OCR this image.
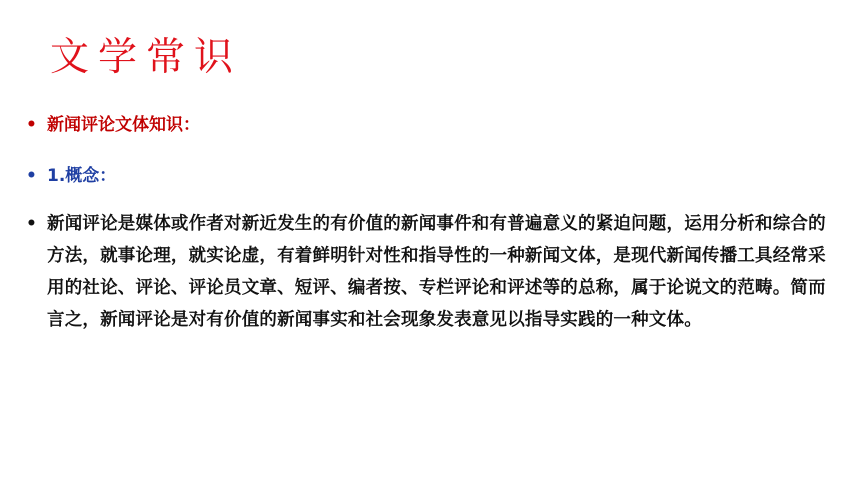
文学常识
• 新闻评论文体知识：
• 1.概念：
• 新闻评论是媒体或作者对新近发生的有价值的新闻事件和有普遍意义的紧迫问题，运用分析和综合的方法，就事论理，就实论虚，有着鲜明针对性和指导性的一种新闻文体，是现代新闻传播工具经常采用的社论、评论、评论员文章、短评、编者按、专栏评论和评述等的总称，属于论说文的范畴。简而言之，新闻评论是对有价值的新闻事实和社会现象发表意见以指导实践的一种文体。
